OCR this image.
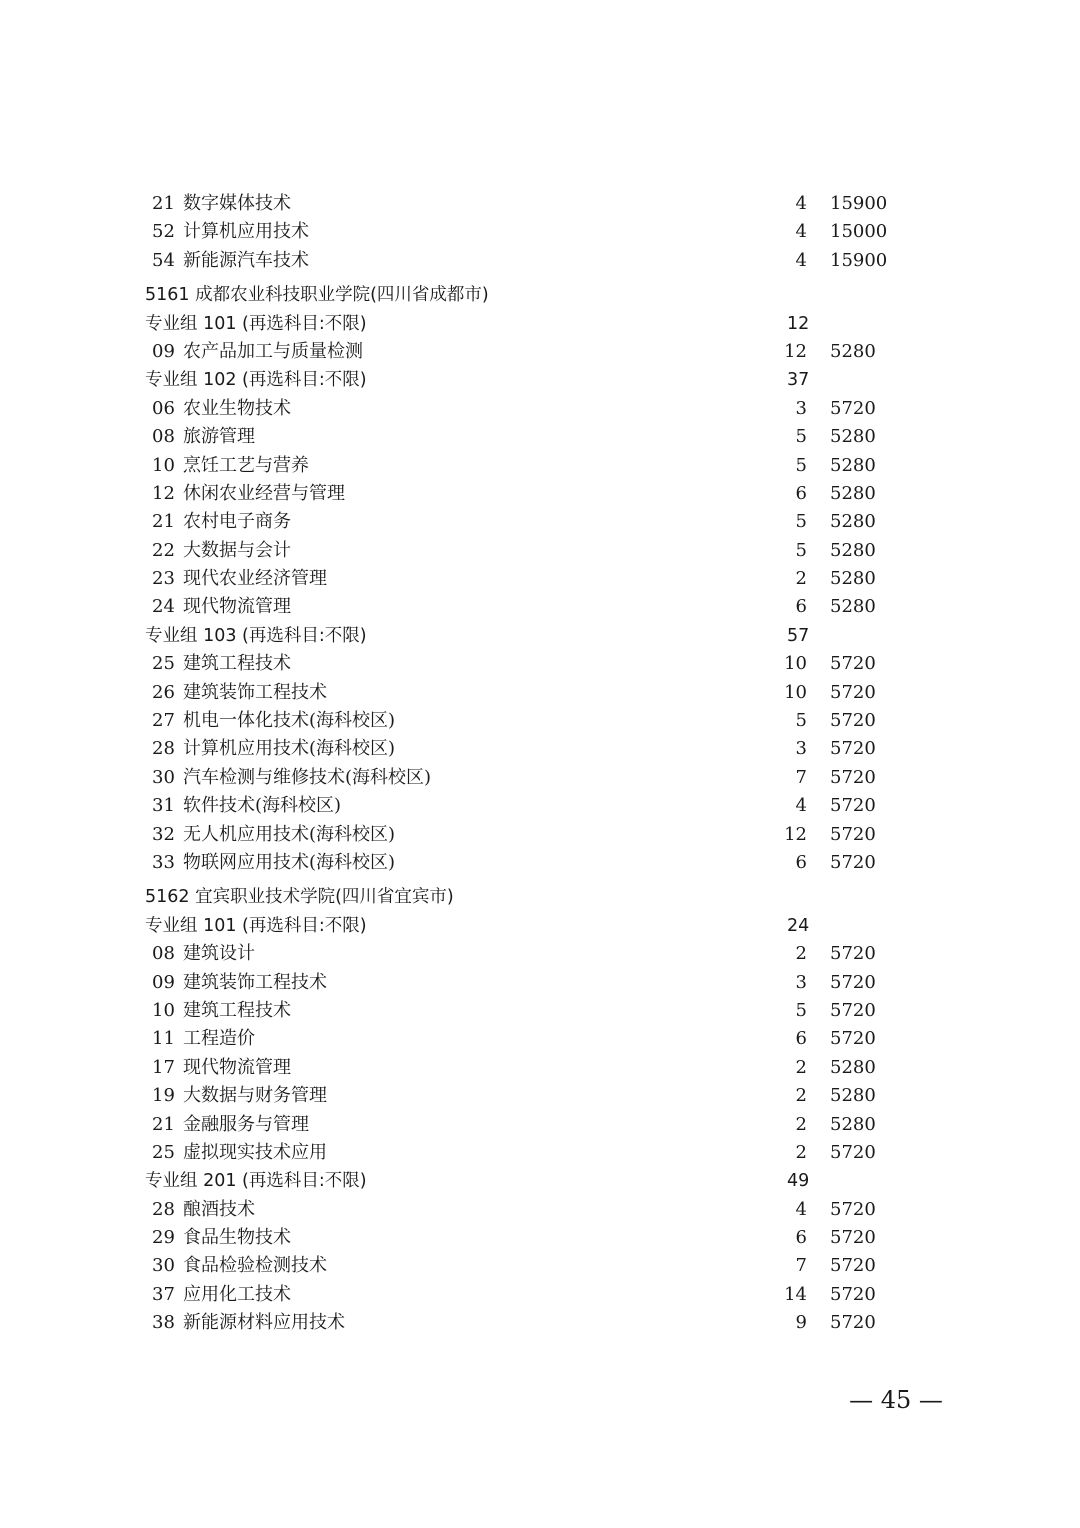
21 数字媒体技术	4 15900
52 计算机应用技术	4 15000
54 新能源汽车技术	4 15900
5161 成都农业科技职业学院(四川省成都市)
专业组 101 (再选科目:不限)	12
09 农产品加工与质量检测	12 5280
专业组 102 (再选科目:不限)	37
06 农业生物技术	3 5720
08 旅游管理	5 5280
10 烹饪工艺与营养	5 5280
12 休闲农业经营与管理	6 5280
21 农村电子商务	5 5280
22 大数据与会计	5 5280
23 现代农业经济管理	2 5280
24 现代物流管理	6 5280
专业组 103 (再选科目:不限)	57
25 建筑工程技术	10 5720
26 建筑装饰工程技术	10 5720
27 机电一体化技术(海科校区)	5 5720
28 计算机应用技术(海科校区)	3 5720
30 汽车检测与维修技术(海科校区)	7 5720
31 软件技术(海科校区)	4 5720
32 无人机应用技术(海科校区)	12 5720
33 物联网应用技术(海科校区)	6 5720
5162 宜宾职业技术学院(四川省宜宾市)
专业组 101 (再选科目:不限)	24
08 建筑设计	2 5720
09 建筑装饰工程技术	3 5720
10 建筑工程技术	5 5720
11 工程造价	6 5720
17 现代物流管理	2 5280
19 大数据与财务管理	2 5280
21 金融服务与管理	2 5280
25 虚拟现实技术应用	2 5720
专业组 201 (再选科目:不限)	49
28 酿酒技术	4 5720
29 食品生物技术	6 5720
30 食品检验检测技术	7 5720
37 应用化工技术	14 5720
38 新能源材料应用技术	9 5720
— 45 —
